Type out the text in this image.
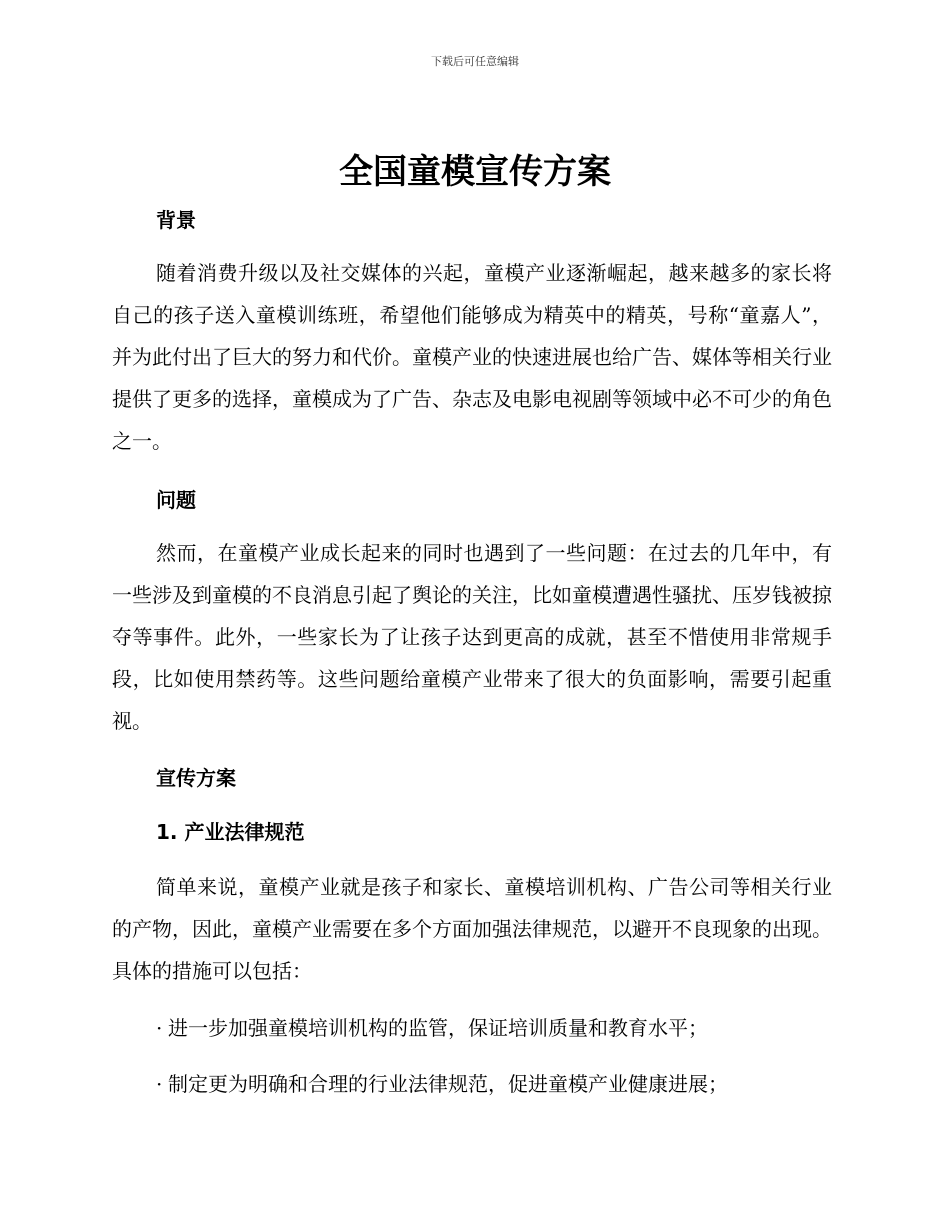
下载后可任意编辑
全国童模宣传方案
背景

随着消费升级以及社交媒体的兴起，童模产业逐渐崛起，越来越多的家长将自己的孩子送入童模训练班，希望他们能够成为精英中的精英，号称“童嘉人”，并为此付出了巨大的努力和代价。童模产业的快速进展也给广告、媒体等相关行业提供了更多的选择，童模成为了广告、杂志及电影电视剧等领域中必不可少的角色之一。

问题

然而，在童模产业成长起来的同时也遇到了一些问题：在过去的几年中，有一些涉及到童模的不良消息引起了舆论的关注，比如童模遭遇性骚扰、压岁钱被掠夺等事件。此外，一些家长为了让孩子达到更高的成就，甚至不惜使用非常规手段，比如使用禁药等。这些问题给童模产业带来了很大的负面影响，需要引起重视。

宣传方案
1. 产业法律规范

简单来说，童模产业就是孩子和家长、童模培训机构、广告公司等相关行业的产物，因此，童模产业需要在多个方面加强法律规范，以避开不良现象的出现。具体的措施可以包括：

· 进一步加强童模培训机构的监管，保证培训质量和教育水平；

· 制定更为明确和合理的行业法律规范，促进童模产业健康进展；
